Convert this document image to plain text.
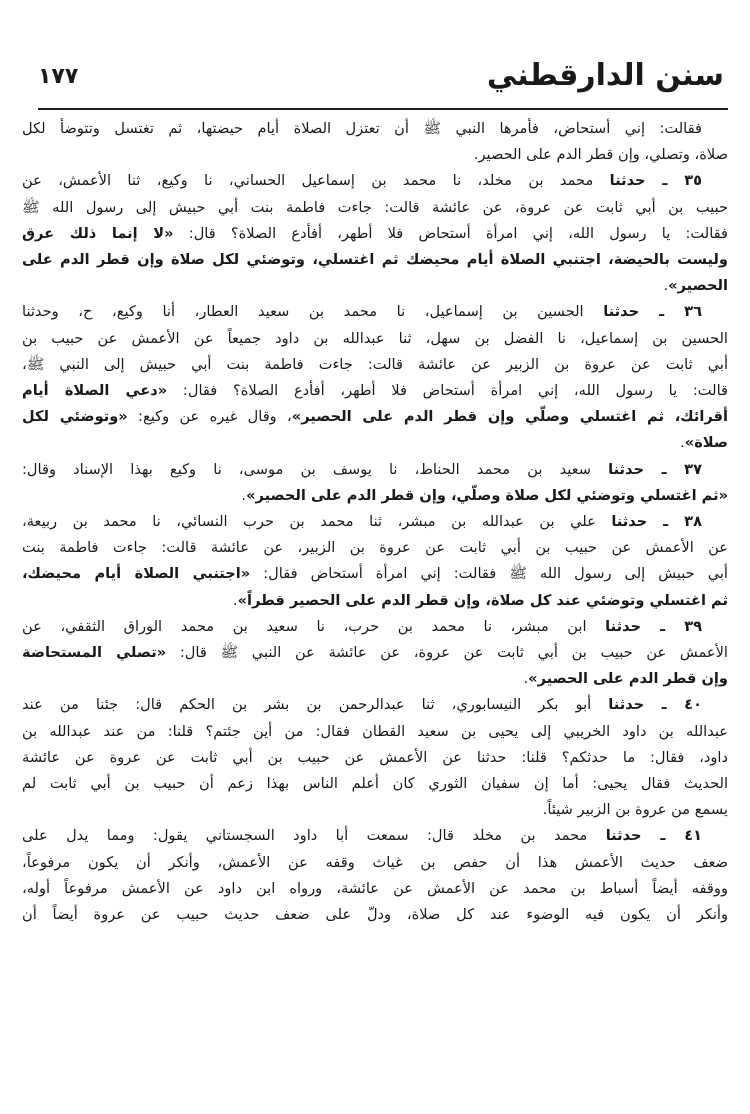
١٧٧	سنن الدارقطني
فقالت: إني أستحاض، فأمرها النبي ﷺ أن تعتزل الصلاة أيام حيضتها، ثم تغتسل وتتوضأ لكل
صلاة، وتصلي، وإن قطر الدم على الحصير.
٣٥ ـ حدثنا محمد بن مخلد، نا محمد بن إسماعيل الحساني، نا وكيع، ثنا الأعمش، عن
حبيب بن أبي ثابت عن عروة، عن عائشة قالت: جاءت فاطمة بنت أبي حبيش إلى رسول الله ﷺ
فقالت: يا رسول الله، إني امرأة أستحاض فلا أطهر، أفأدع الصلاة؟ قال: «لا إنما ذلك عرق
وليست بالحيضة، اجتنبي الصلاة أيام محيضك ثم اغتسلي، وتوضئي لكل صلاة وإن قطر الدم على
الحصير».
٣٦ ـ حدثنا الحسين بن إسماعيل، نا محمد بن سعيد العطار، أنا وكيع، ح، وحدثنا
الحسين بن إسماعيل، نا الفضل بن سهل، ثنا عبدالله بن داود جميعاً عن الأعمش عن حبيب بن
أبي ثابت عن عروة بن الزبير عن عائشة قالت: جاءت فاطمة بنت أبي حبيش إلى النبي ﷺ،
قالت: يا رسول الله، إني امرأة أستحاض فلا أطهر، أفأدع الصلاة؟ فقال: «دعي الصلاة أيام
أقرائك، ثم اغتسلي وصلّي وإن قطر الدم على الحصير»، وقال غيره عن وكيع: «وتوضئي لكل
صلاة».
٣٧ ـ حدثنا سعيد بن محمد الحناط، نا يوسف بن موسى، نا وكيع بهذا الإسناد وقال:
«ثم اغتسلي وتوضئي لكل صلاة وصلّي، وإن قطر الدم على الحصير».
٣٨ ـ حدثنا علي بن عبدالله بن مبشر، ثنا محمد بن حرب النسائي، نا محمد بن ربيعة،
عن الأعمش عن حبيب بن أبي ثابت عن عروة بن الزبير، عن عائشة قالت: جاءت فاطمة بنت
أبي حبيش إلى رسول الله ﷺ فقالت: إني امرأة أستحاض فقال: «اجتنبي الصلاة أيام محيضك،
ثم اغتسلي وتوضئي عند كل صلاة، وإن قطر الدم على الحصير قطراً».
٣٩ ـ حدثنا ابن مبشر، نا محمد بن حرب، نا سعيد بن محمد الوراق الثقفي، عن
الأعمش عن حبيب بن أبي ثابت عن عروة، عن عائشة عن النبي ﷺ قال: «تصلي المستحاضة
وإن قطر الدم على الحصير».
٤٠ ـ حدثنا أبو بكر النيسابوري، ثنا عبدالرحمن بن بشر بن الحكم قال: جئنا من عند
عبدالله بن داود الخريبي إلى يحيى بن سعيد القطان فقال: من أين جئتم؟ قلنا: من عند عبدالله بن
داود، فقال: ما حدثكم؟ قلنا: حدثنا عن الأعمش عن حبيب بن أبي ثابت عن عروة عن عائشة
الحديث فقال يحيى: أما إن سفيان الثوري كان أعلم الناس بهذا زعم أن حبيب بن أبي ثابت لم
يسمع من عروة بن الزبير شيئاً.
٤١ ـ حدثنا محمد بن مخلد قال: سمعت أبا داود السجستاني يقول: ومما يدل على
ضعف حديث الأعمش هذا أن حفص بن غياث وقفه عن الأعمش، وأنكر أن يكون مرفوعاً،
ووقفه أيضاً أسباط بن محمد عن الأعمش عن عائشة، ورواه ابن داود عن الأعمش مرفوعاً أوله،
وأنكر أن يكون فيه الوضوء عند كل صلاة، ودلّ على ضعف حديث حبيب عن عروة أيضاً أن
